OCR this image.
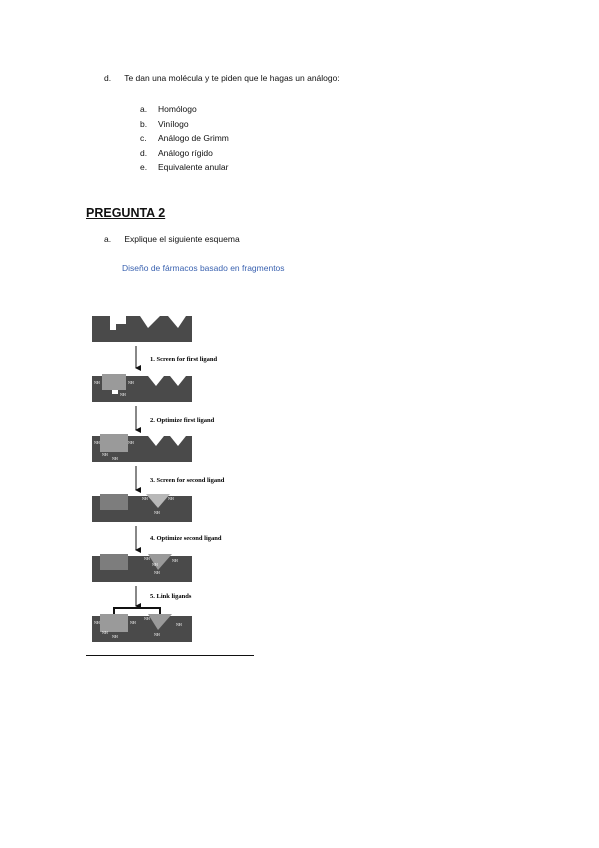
d. Te dan una molécula y te piden que le hagas un análogo:
a. Homólogo
b. Vinílogo
c. Análogo de Grimm
d. Análogo rígido
e. Equivalente anular
PREGUNTA 2
a. Explique el siguiente esquema
Diseño de fármacos basado en fragmentos
1. Screen for first ligand
NH	NH
NH
2. Optimize first ligand
NH	NH
NH
NH
3. Screen for second ligand
NH	NH
NH
4. Optimize second ligand
NH	NH
NH
NH
5. Link ligands
NH	NH
NH
NH
NH
NH
NH
